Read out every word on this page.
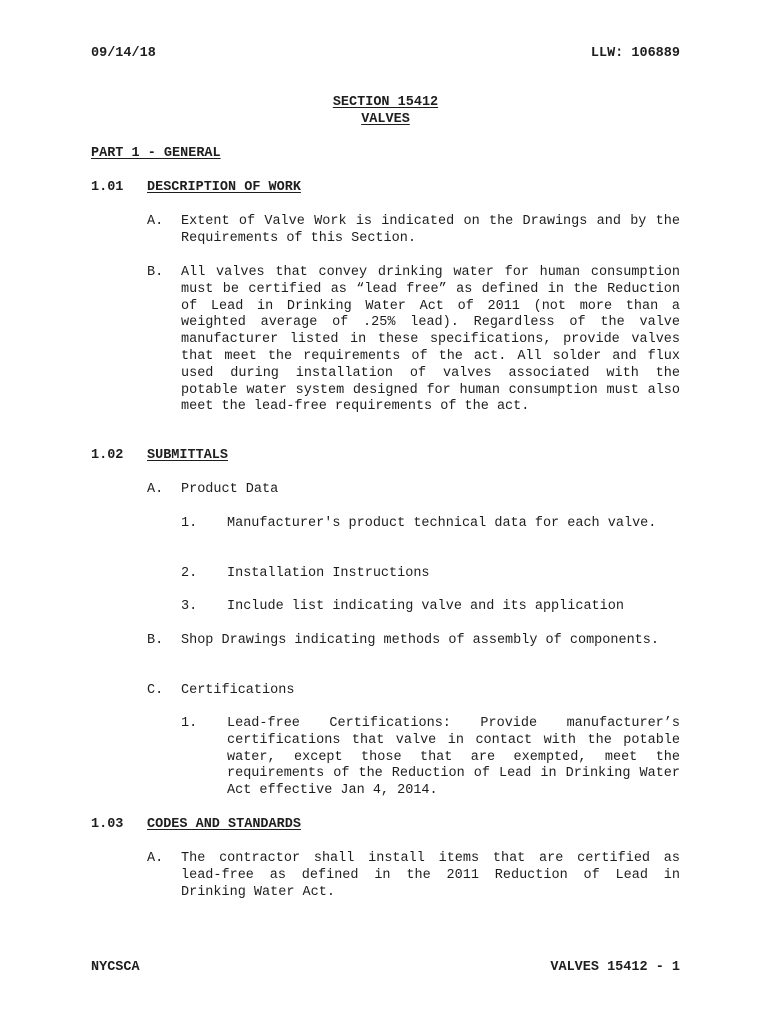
09/14/18	LLW: 106889
SECTION 15412
VALVES
PART 1 - GENERAL
1.01 DESCRIPTION OF WORK
A. Extent of Valve Work is indicated on the Drawings and by the Requirements of this Section.
B. All valves that convey drinking water for human consumption must be certified as “lead free” as defined in the Reduction of Lead in Drinking Water Act of 2011 (not more than a weighted average of .25% lead). Regardless of the valve manufacturer listed in these specifications, provide valves that meet the requirements of the act. All solder and flux used during installation of valves associated with the potable water system designed for human consumption must also meet the lead-free requirements of the act.
1.02 SUBMITTALS
A. Product Data
1. Manufacturer's product technical data for each valve.
2. Installation Instructions
3. Include list indicating valve and its application
B. Shop Drawings indicating methods of assembly of components.
C. Certifications
1. Lead-free Certifications: Provide manufacturer’s certifications that valve in contact with the potable water, except those that are exempted, meet the requirements of the Reduction of Lead in Drinking Water Act effective Jan 4, 2014.
1.03 CODES AND STANDARDS
A. The contractor shall install items that are certified as lead-free as defined in the 2011 Reduction of Lead in Drinking Water Act.
NYCSCA	VALVES 15412 - 1
